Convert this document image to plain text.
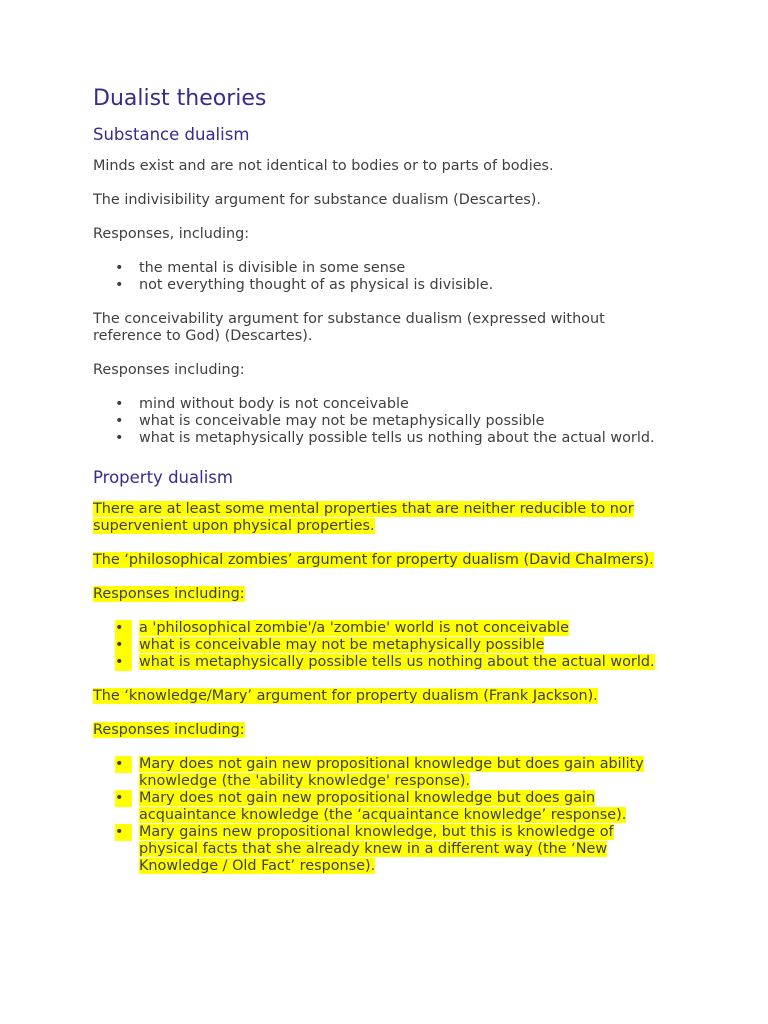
Dualist theories
Substance dualism

Minds exist and are not identical to bodies or to parts of bodies.

The indivisibility argument for substance dualism (Descartes).

Responses, including:

• the mental is divisible in some sense
• not everything thought of as physical is divisible.

The conceivability argument for substance dualism (expressed without reference to God) (Descartes).

Responses including:

• mind without body is not conceivable
• what is conceivable may not be metaphysically possible
• what is metaphysically possible tells us nothing about the actual world.
Property dualism

There are at least some mental properties that are neither reducible to nor supervenient upon physical properties.

The ‘philosophical zombies’ argument for property dualism (David Chalmers).

Responses including:

• a 'philosophical zombie'/a 'zombie' world is not conceivable
• what is conceivable may not be metaphysically possible
• what is metaphysically possible tells us nothing about the actual world.

The ‘knowledge/Mary’ argument for property dualism (Frank Jackson).

Responses including:

• Mary does not gain new propositional knowledge but does gain ability knowledge (the 'ability knowledge' response).
• Mary does not gain new propositional knowledge but does gain acquaintance knowledge (the ‘acquaintance knowledge’ response).
• Mary gains new propositional knowledge, but this is knowledge of physical facts that she already knew in a different way (the ‘New Knowledge / Old Fact’ response).
